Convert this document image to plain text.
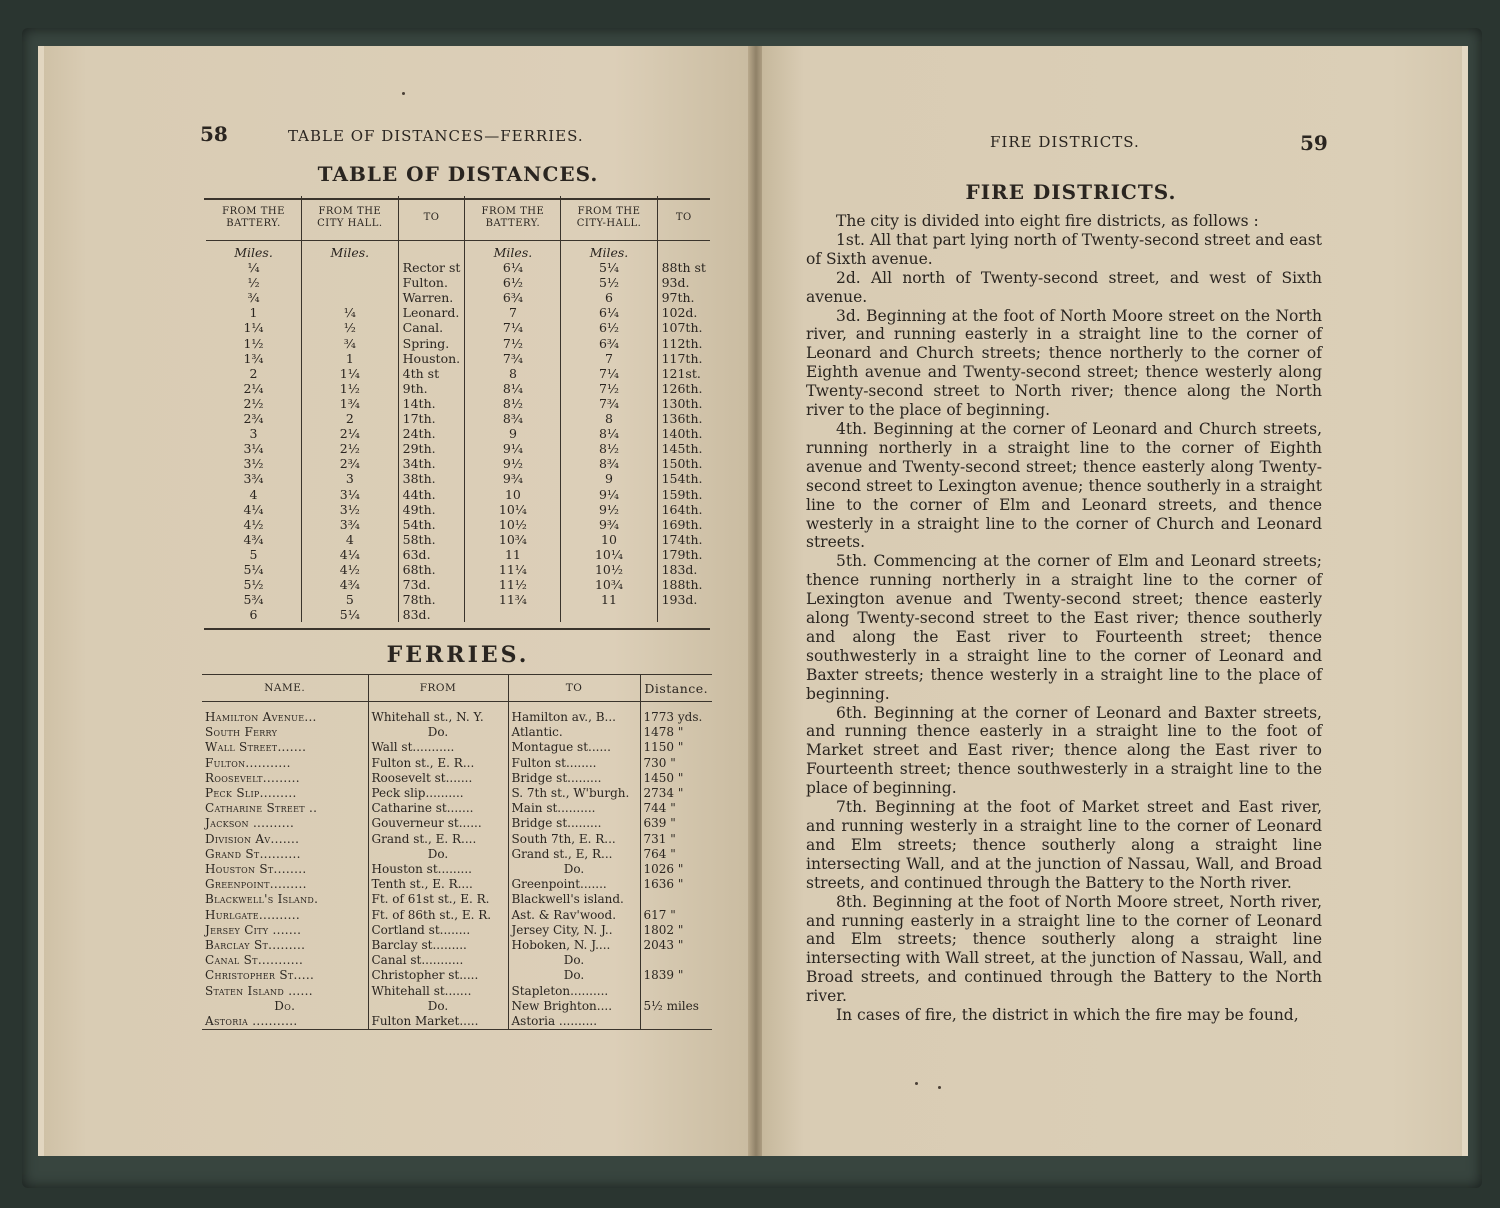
58	TABLE OF DISTANCES—FERRIES.
TABLE OF DISTANCES.
FROM THE BATTERY.	FROM THE CITY HALL.	TO	FROM THE BATTERY.	FROM THE CITY-HALL.	TO
Miles.	Miles.		Miles.	Miles.	
¼		Rector st	6¼	5¼	88th st
½		Fulton.	6½	5½	93d.
¾		Warren.	6¾	6	97th.
1	¼	Leonard.	7	6¼	102d.
1¼	½	Canal.	7¼	6½	107th.
1½	¾	Spring.	7½	6¾	112th.
1¾	1	Houston.	7¾	7	117th.
2	1¼	4th st	8	7¼	121st.
2¼	1½	9th.	8¼	7½	126th.
2½	1¾	14th.	8½	7¾	130th.
2¾	2	17th.	8¾	8	136th.
3	2¼	24th.	9	8¼	140th.
3¼	2½	29th.	9¼	8½	145th.
3½	2¾	34th.	9½	8¾	150th.
3¾	3	38th.	9¾	9	154th.
4	3¼	44th.	10	9¼	159th.
4¼	3½	49th.	10¼	9½	164th.
4½	3¾	54th.	10½	9¾	169th.
4¾	4	58th.	10¾	10	174th.
5	4¼	63d.	11	10¼	179th.
5¼	4½	68th.	11¼	10½	183d.
5½	4¾	73d.	11½	10¾	188th.
5¾	5	78th.	11¾	11	193d.
6	5¼	83d.			
FERRIES.
NAME.	FROM	TO	Distance.
Hamilton Avenue...	Whitehall st., N. Y.	Hamilton av., B...	1773 yds.
South Ferry	Do.	Atlantic.	1478 "
Wall Street.......	Wall st...........	Montague st......	1150 "
Fulton...........	Fulton st., E. R...	Fulton st........	730 "
Roosevelt.........	Roosevelt st.......	Bridge st.........	1450 "
Peck Slip.........	Peck slip..........	S. 7th st., W'burgh.	2734 "
Catharine Street ..	Catharine st.......	Main st..........	744 "
Jackson ..........	Gouverneur st......	Bridge st.........	639 "
Division Av.......	Grand st., E. R....	South 7th, E. R...	731 "
Grand St..........	Do.	Grand st., E, R...	764 "
Houston St........	Houston st.........	Do.	1026 "
Greenpoint.........	Tenth st., E. R....	Greenpoint.......	1636 "
Blackwell's Island.	Ft. of 61st st., E. R.	Blackwell's island.	
Hurlgate..........	Ft. of 86th st., E. R.	Ast. & Rav'wood.	617 "
Jersey City .......	Cortland st........	Jersey City, N. J..	1802 "
Barclay St.........	Barclay st.........	Hoboken, N. J....	2043 "
Canal St...........	Canal st...........	Do.	
Christopher St.....	Christopher st.....	Do.	1839 "
Staten Island ......	Whitehall st.......	Stapleton..........	
Do.	Do.	New Brighton....	5½ miles
Astoria ...........	Fulton Market.....	Astoria ..........	
FIRE DISTRICTS.	59
FIRE DISTRICTS.

The city is divided into eight fire districts, as follows :

1st. All that part lying north of Twenty-second street and east of Sixth avenue.

2d. All north of Twenty-second street, and west of Sixth avenue.

3d. Beginning at the foot of North Moore street on the North river, and running easterly in a straight line to the corner of Leonard and Church streets; thence northerly to the corner of Eighth avenue and Twenty-second street; thence westerly along Twenty-second street to North river; thence along the North river to the place of beginning.

4th. Beginning at the corner of Leonard and Church streets, running northerly in a straight line to the corner of Eighth avenue and Twenty-second street; thence easterly along Twenty-second street to Lexington avenue; thence southerly in a straight line to the corner of Elm and Leonard streets, and thence westerly in a straight line to the corner of Church and Leonard streets.

5th. Commencing at the corner of Elm and Leonard streets; thence running northerly in a straight line to the corner of Lexington avenue and Twenty-second street; thence easterly along Twenty-second street to the East river; thence southerly and along the East river to Fourteenth street; thence southwesterly in a straight line to the corner of Leonard and Baxter streets; thence westerly in a straight line to the place of beginning.

6th. Beginning at the corner of Leonard and Baxter streets, and running thence easterly in a straight line to the foot of Market street and East river; thence along the East river to Fourteenth street; thence southwesterly in a straight line to the place of beginning.

7th. Beginning at the foot of Market street and East river, and running westerly in a straight line to the corner of Leonard and Elm streets; thence southerly along a straight line intersecting Wall, and at the junction of Nassau, Wall, and Broad streets, and continued through the Battery to the North river.

8th. Beginning at the foot of North Moore street, North river, and running easterly in a straight line to the corner of Leonard and Elm streets; thence southerly along a straight line intersecting with Wall street, at the junction of Nassau, Wall, and Broad streets, and continued through the Battery to the North river.

In cases of fire, the district in which the fire may be found,
